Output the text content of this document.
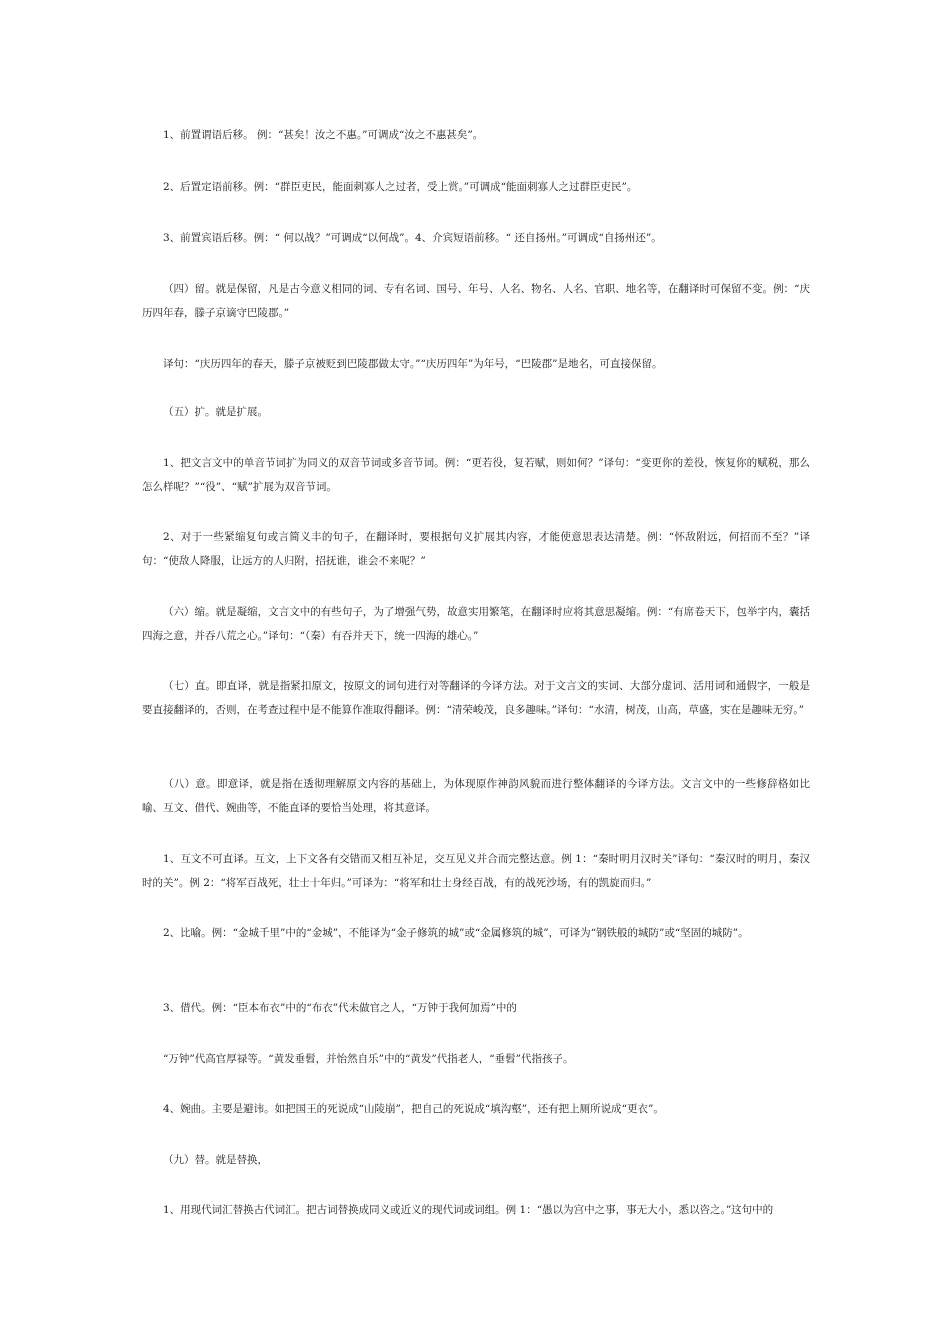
1、前置谓语后移。 例：“甚矣！汝之不惠。”可调成“汝之不惠甚矣”。

2、后置定语前移。例：“群臣吏民，能面刺寡人之过者，受上赏。”可调成“能面刺寡人之过群臣吏民”。

3、前置宾语后移。例：“ 何以战？”可调成“以何战”。4、介宾短语前移。“ 还自扬州。”可调成“自扬州还”。

（四）留。就是保留，凡是古今意义相同的词、专有名词、国号、年号、人名、物名、人名、官职、地名等，在翻译时可保留不变。例：“庆历四年春，滕子京谪守巴陵郡。”

译句：“庆历四年的春天，滕子京被贬到巴陵郡做太守。”“庆历四年”为年号，“巴陵郡”是地名，可直接保留。

（五）扩。就是扩展。

1、把文言文中的单音节词扩为同义的双音节词或多音节词。例：“更若役，复若赋，则如何？”译句：“变更你的差役，恢复你的赋税，那么怎么样呢？”“役”、“赋”扩展为双音节词。

2、对于一些紧缩复句或言简义丰的句子，在翻译时，要根据句义扩展其内容，才能使意思表达清楚。例：“怀敌附远，何招而不至？”译句：“使敌人降服，让远方的人归附，招抚谁，谁会不来呢？”

（六）缩。就是凝缩，文言文中的有些句子，为了增强气势，故意实用繁笔，在翻译时应将其意思凝缩。例：“有席卷天下，包举宇内，囊括四海之意，并吞八荒之心。”译句：“（秦）有吞并天下，统一四海的雄心。”

（七）直。即直译，就是指紧扣原文，按原文的词句进行对等翻译的今译方法。对于文言文的实词、大部分虚词、活用词和通假字，一般是要直接翻译的，否则，在考查过程中是不能算作准取得翻译。例：“清荣峻茂，良多趣味。”译句：“水清，树茂，山高，草盛，实在是趣味无穷。”

（八）意。即意译，就是指在透彻理解原文内容的基础上，为体现原作神韵风貌而进行整体翻译的今译方法。文言文中的一些修辞格如比喻、互文、借代、婉曲等，不能直译的要恰当处理，将其意译。

1、互文不可直译。互文，上下文各有交错而又相互补足，交互见义并合而完整达意。例 1：“秦时明月汉时关”译句：“秦汉时的明月，秦汉时的关”。例 2：“将军百战死，壮士十年归。”可译为：“将军和壮士身经百战，有的战死沙场，有的凯旋而归。”

2、比喻。例：“金城千里”中的“金城”，不能译为“金子修筑的城”或“金属修筑的城”，可译为“钢铁般的城防”或“坚固的城防”。

3、借代。例：“臣本布衣”中的“布衣”代未做官之人，“万钟于我何加焉”中的

“万钟”代高官厚禄等。“黄发垂髫，并怡然自乐”中的“黄发”代指老人，“垂髫”代指孩子。

4、婉曲。主要是避讳。如把国王的死说成“山陵崩”，把自己的死说成“填沟壑”，还有把上厕所说成“更衣”。

（九）替。就是替换，

1、用现代词汇替换古代词汇。把古词替换成同义或近义的现代词或词组。例 1：“愚以为宫中之事，事无大小，悉以咨之。”这句中的
